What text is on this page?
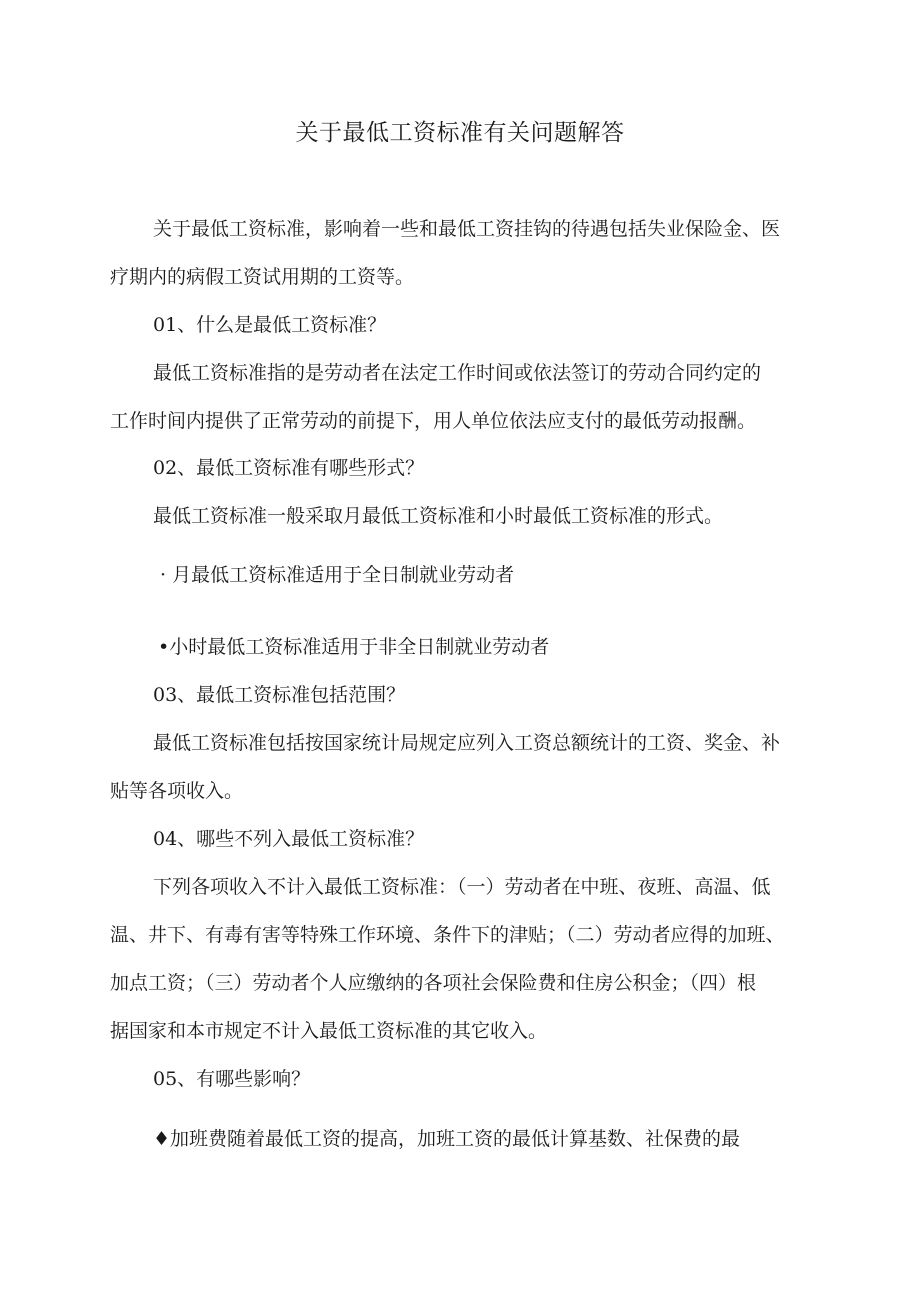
关于最低工资标准有关问题解答
关于最低工资标准，影响着一些和最低工资挂钩的待遇包括失业保险金、医
疗期内的病假工资试用期的工资等。
01、什么是最低工资标准？
最低工资标准指的是劳动者在法定工作时间或依法签订的劳动合同约定的
工作时间内提供了正常劳动的前提下，用人单位依法应支付的最低劳动报酬。
02、最低工资标准有哪些形式？
最低工资标准一般采取月最低工资标准和小时最低工资标准的形式。
· 月最低工资标准适用于全日制就业劳动者
•小时最低工资标准适用于非全日制就业劳动者
03、最低工资标准包括范围？
最低工资标准包括按国家统计局规定应列入工资总额统计的工资、奖金、补
贴等各项收入。
04、哪些不列入最低工资标准？
下列各项收入不计入最低工资标准：（一）劳动者在中班、夜班、高温、低
温、井下、有毒有害等特殊工作环境、条件下的津贴；（二）劳动者应得的加班、
加点工资；（三）劳动者个人应缴纳的各项社会保险费和住房公积金；（四）根
据国家和本市规定不计入最低工资标准的其它收入。
05、有哪些影响？
♦加班费随着最低工资的提高，加班工资的最低计算基数、社保费的最
